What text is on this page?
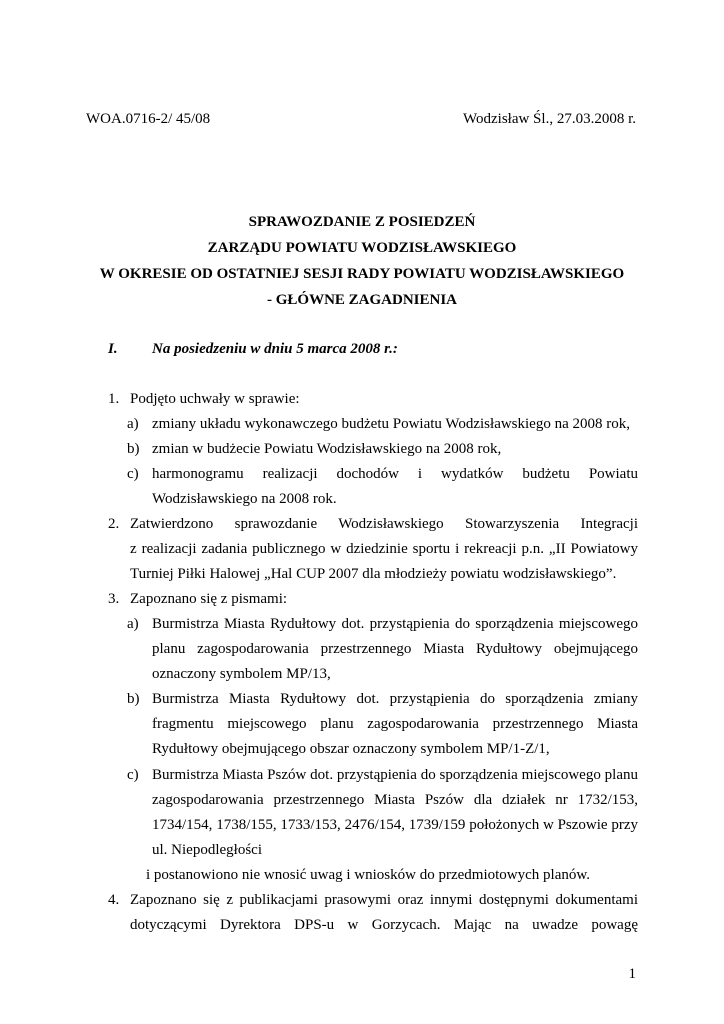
WOA.0716-2/ 45/08	Wodzisław Śl., 27.03.2008 r.
SPRAWOZDANIE Z POSIEDZEŃ
ZARZĄDU POWIATU WODZISŁAWSKIEGO
W OKRESIE OD OSTATNIEJ SESJI RADY POWIATU WODZISŁAWSKIEGO
- GŁÓWNE ZAGADNIENIA
I. Na posiedzeniu w dniu 5 marca 2008 r.:
1. Podjęto uchwały w sprawie:
a) zmiany układu wykonawczego budżetu Powiatu Wodzisławskiego na 2008 rok,
b) zmian w budżecie Powiatu Wodzisławskiego na 2008 rok,
c) harmonogramu realizacji dochodów i wydatków budżetu Powiatu
Wodzisławskiego na 2008 rok.
2. Zatwierdzono sprawozdanie Wodzisławskiego Stowarzyszenia Integracji
z realizacji zadania publicznego w dziedzinie sportu i rekreacji p.n. „II Powiatowy
Turniej Piłki Halowej „Hal CUP 2007 dla młodzieży powiatu wodzisławskiego”.
3. Zapoznano się z pismami:
a) Burmistrza Miasta Rydułtowy dot. przystąpienia do sporządzenia miejscowego
planu zagospodarowania przestrzennego Miasta Rydułtowy obejmującego
oznaczony symbolem MP/13,
b) Burmistrza Miasta Rydułtowy dot. przystąpienia do sporządzenia zmiany
fragmentu miejscowego planu zagospodarowania przestrzennego Miasta
Rydułtowy obejmującego obszar oznaczony symbolem MP/1-Z/1,
c) Burmistrza Miasta Pszów dot. przystąpienia do sporządzenia miejscowego planu
zagospodarowania przestrzennego Miasta Pszów dla działek nr 1732/153,
1734/154, 1738/155, 1733/153, 2476/154, 1739/159 położonych w Pszowie przy
ul. Niepodległości
i postanowiono nie wnosić uwag i wniosków do przedmiotowych planów.
4. Zapoznano się z publikacjami prasowymi oraz innymi dostępnymi dokumentami
dotyczącymi Dyrektora DPS-u w Gorzycach. Mając na uwadze powagę
1
